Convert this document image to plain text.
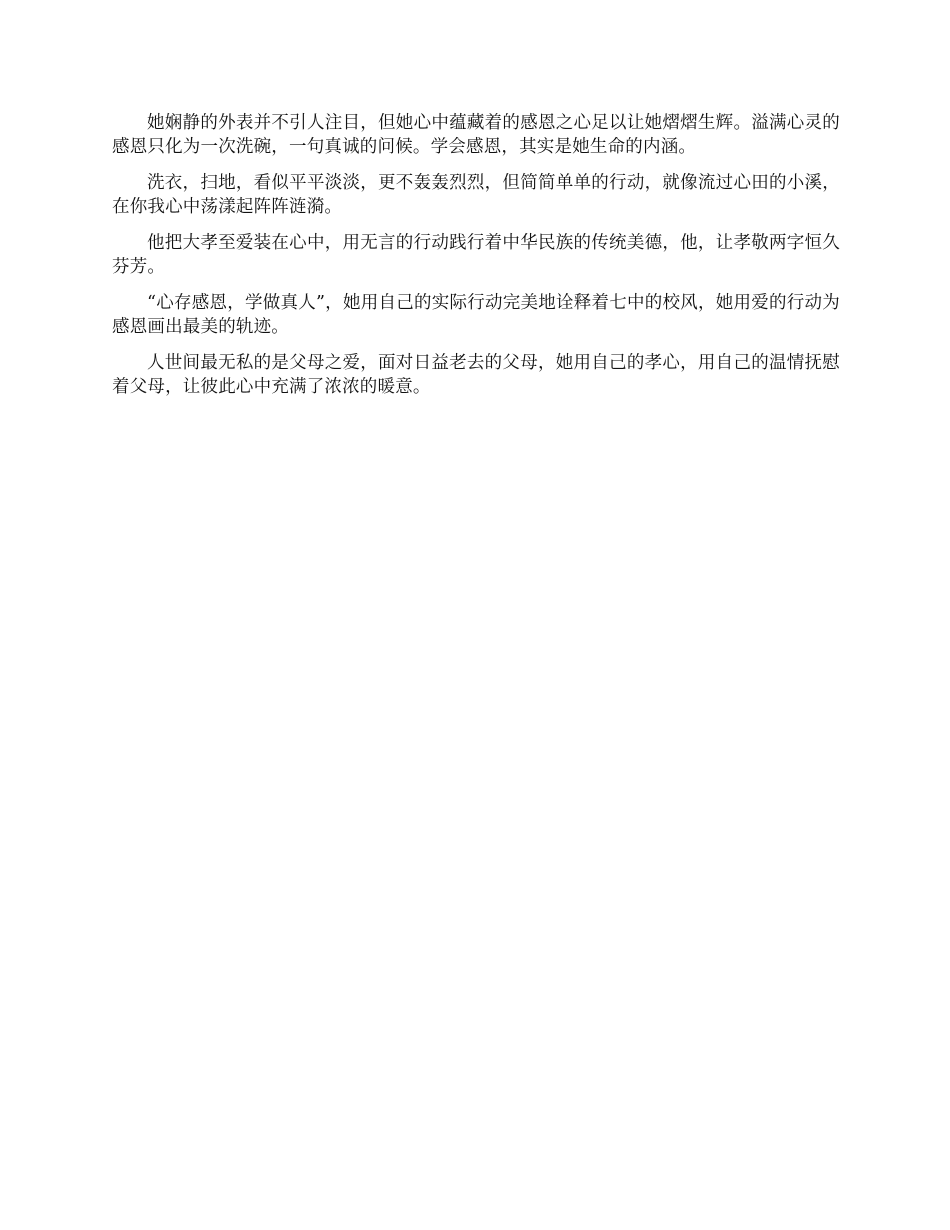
她娴静的外表并不引人注目，但她心中蕴藏着的感恩之心足以让她熠熠生辉。溢满心灵的感恩只化为一次洗碗，一句真诚的问候。学会感恩，其实是她生命的内涵。

洗衣，扫地，看似平平淡淡，更不轰轰烈烈，但简简单单的行动，就像流过心田的小溪，在你我心中荡漾起阵阵涟漪。

他把大孝至爱装在心中，用无言的行动践行着中华民族的传统美德，他，让孝敬两字恒久芬芳。

“心存感恩，学做真人”，她用自己的实际行动完美地诠释着七中的校风，她用爱的行动为感恩画出最美的轨迹。

人世间最无私的是父母之爱，面对日益老去的父母，她用自己的孝心，用自己的温情抚慰着父母，让彼此心中充满了浓浓的暖意。
